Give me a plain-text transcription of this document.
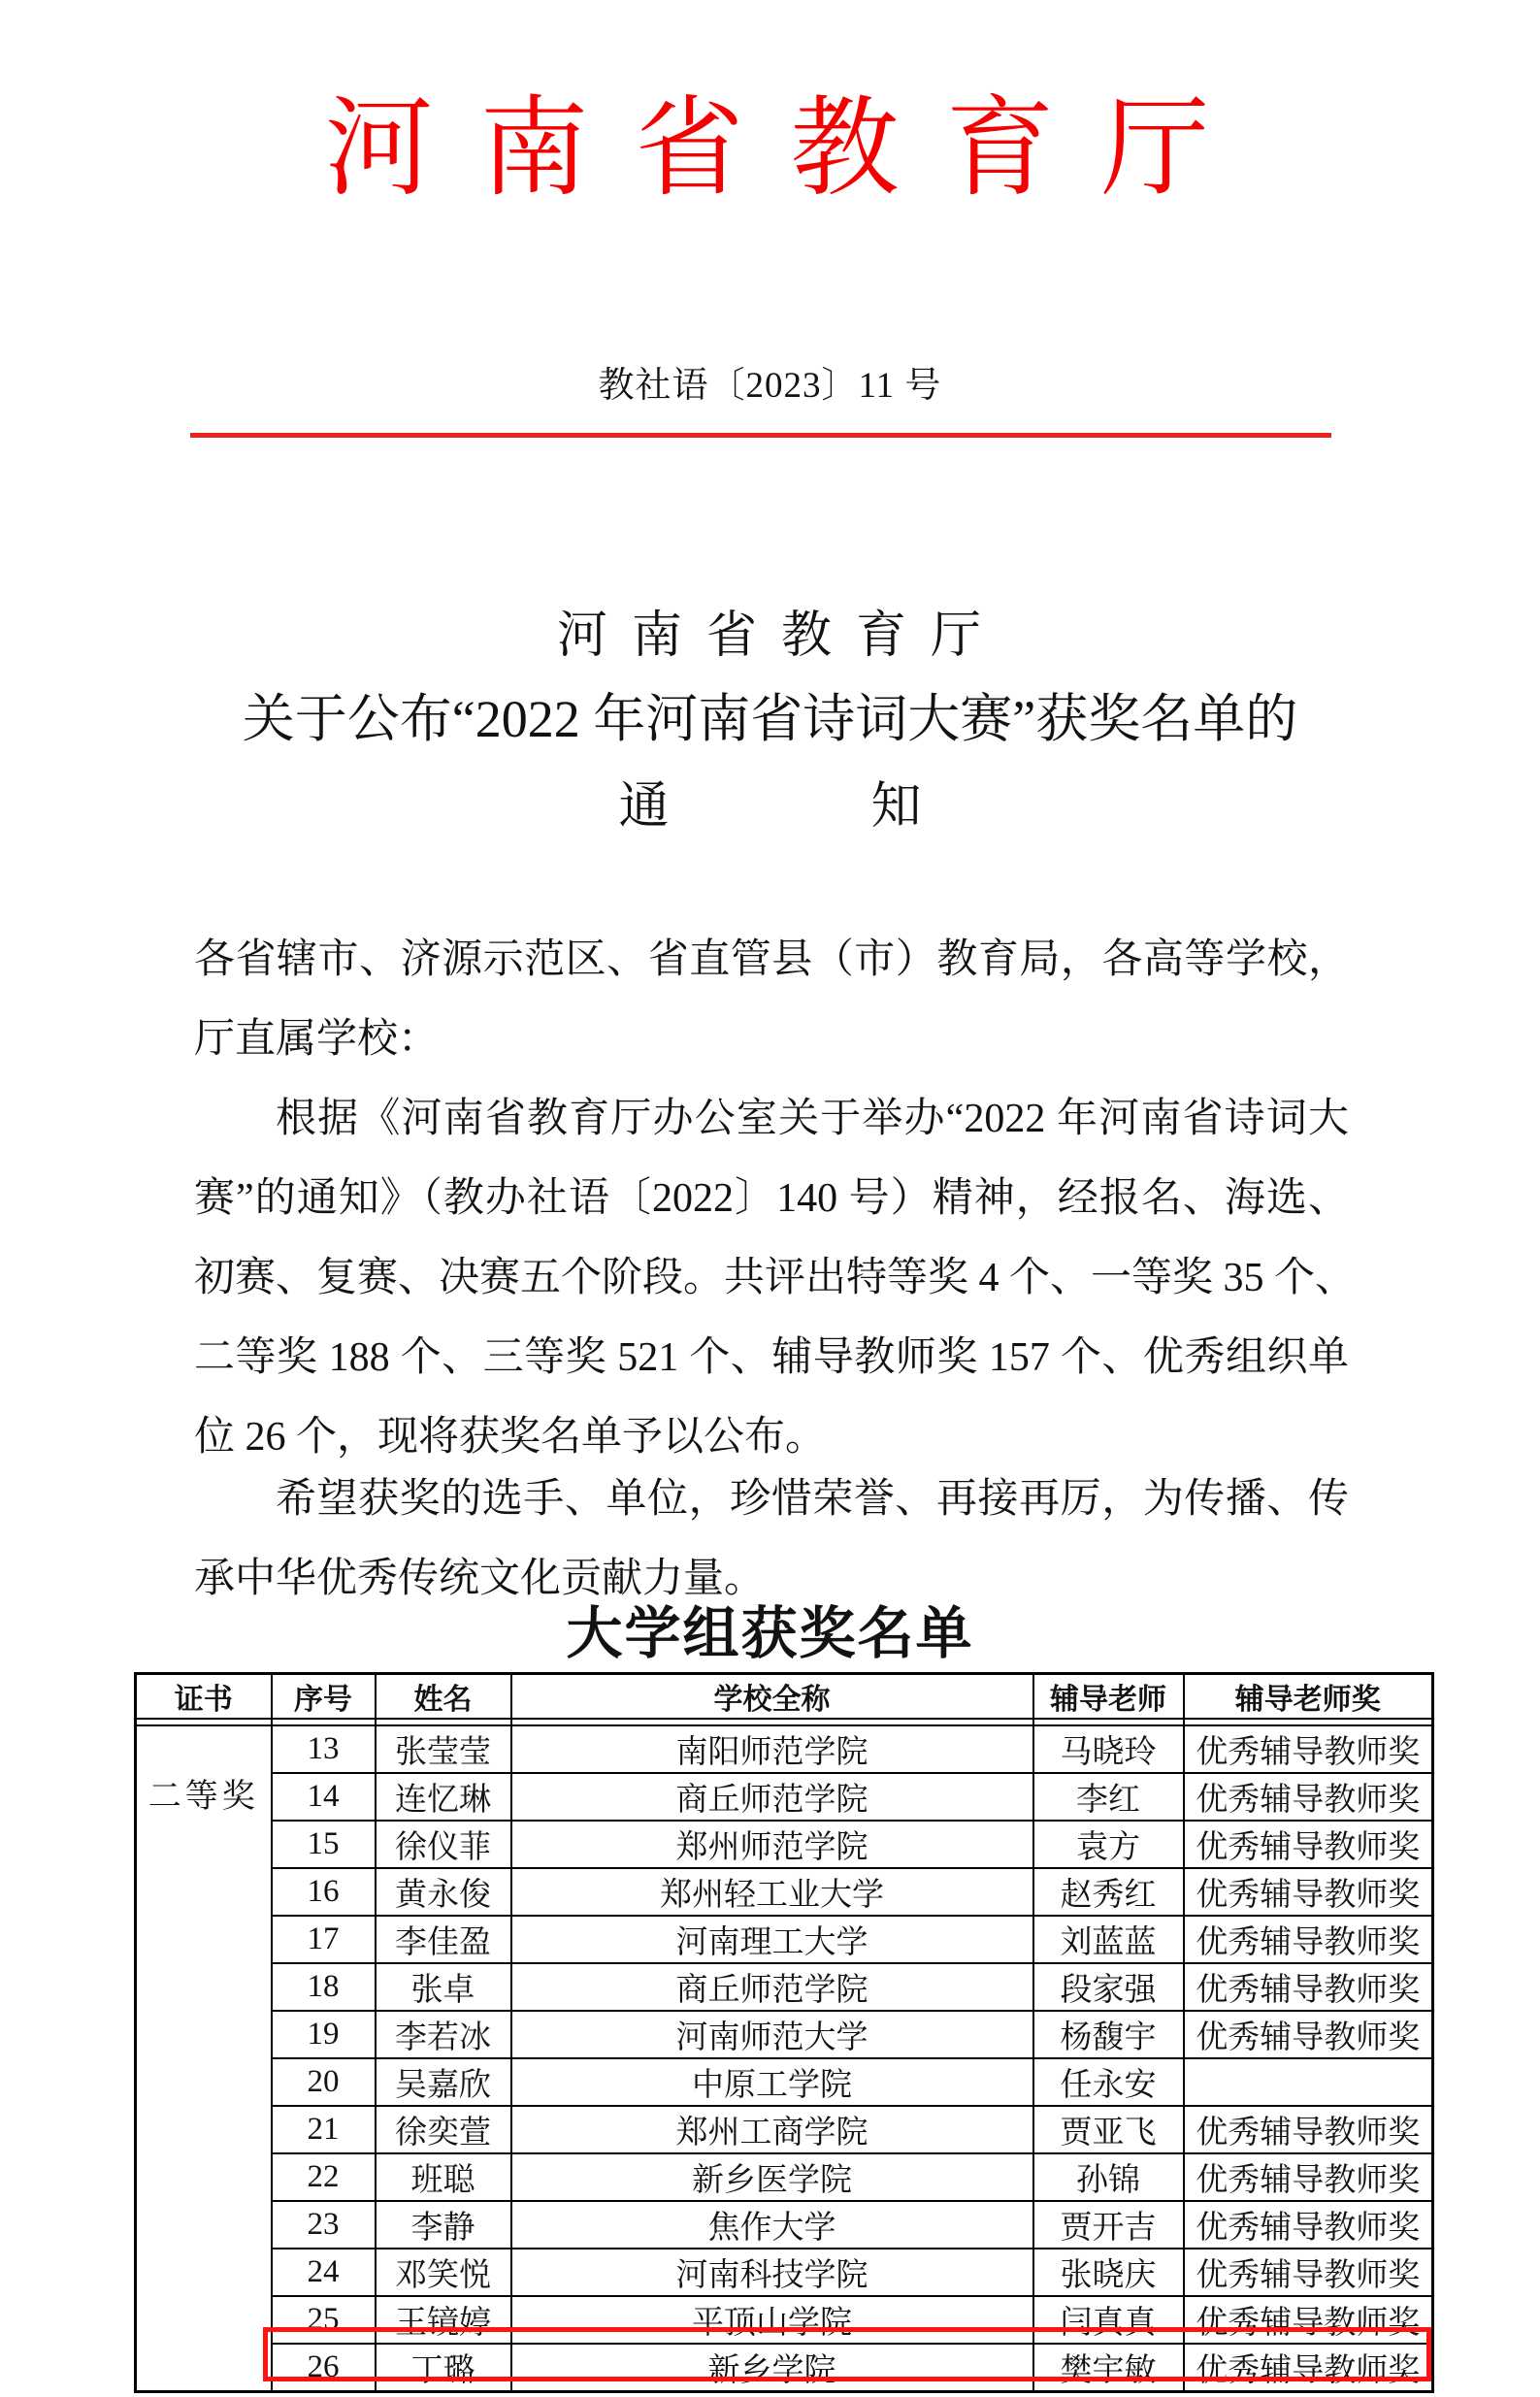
河 南 省 教 育 厅
教社语〔2023〕11 号
河 南 省 教 育 厅
关于公布“2022 年河南省诗词大赛”获奖名单的
通　　　　知
各省辖市、济源示范区、省直管县（市）教育局，各高等学校，
厅直属学校：
根据《河南省教育厅办公室关于举办“2022 年河南省诗词大
赛”的通知》（教办社语〔2022〕140 号）精神，经报名、海选、
初赛、复赛、决赛五个阶段。共评出特等奖 4 个、一等奖 35 个、
二等奖 188 个、三等奖 521 个、辅导教师奖 157 个、优秀组织单
位 26 个，现将获奖名单予以公布。
希望获奖的选手、单位，珍惜荣誉、再接再厉，为传播、传
承中华优秀传统文化贡献力量。
大学组获奖名单
证书	序号	姓名	学校全称	辅导老师	辅导老师奖

二等奖	13	张莹莹	南阳师范学院	马晓玲	优秀辅导教师奖
	14	连忆琳	商丘师范学院	李红	优秀辅导教师奖
	15	徐仪菲	郑州师范学院	袁方	优秀辅导教师奖
	16	黄永俊	郑州轻工业大学	赵秀红	优秀辅导教师奖
	17	李佳盈	河南理工大学	刘蓝蓝	优秀辅导教师奖
	18	张卓	商丘师范学院	段家强	优秀辅导教师奖
	19	李若冰	河南师范大学	杨馥宇	优秀辅导教师奖
	20	吴嘉欣	中原工学院	任永安	
	21	徐奕萱	郑州工商学院	贾亚飞	优秀辅导教师奖
	22	班聪	新乡医学院	孙锦	优秀辅导教师奖
	23	李静	焦作大学	贾开吉	优秀辅导教师奖
	24	邓笑悦	河南科技学院	张晓庆	优秀辅导教师奖
	25	王镜婷	平顶山学院	闫真真	优秀辅导教师奖
	26	丁璐	新乡学院	樊宇敏	优秀辅导教师奖
